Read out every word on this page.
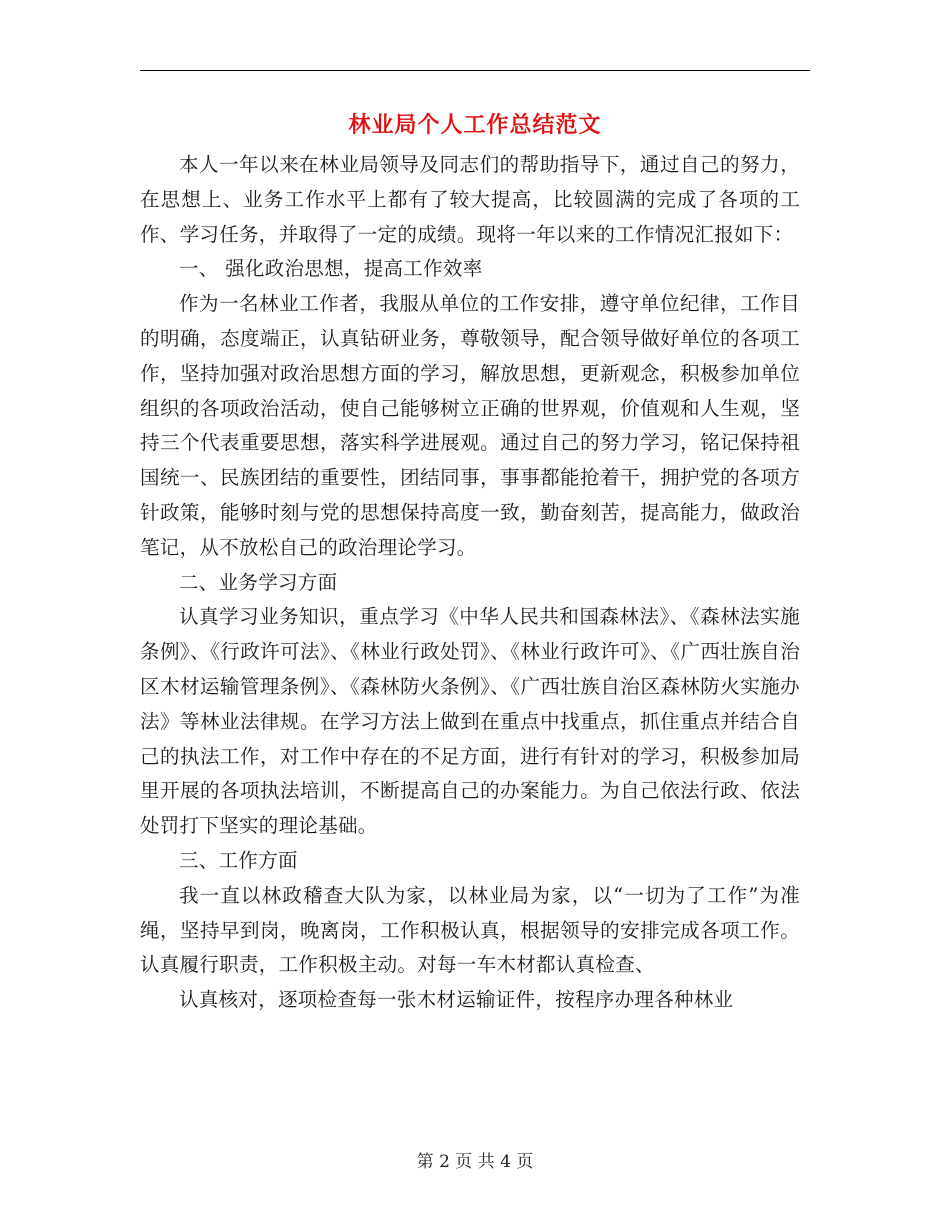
林业局个人工作总结范文

本人一年以来在林业局领导及同志们的帮助指导下，通过自己的努力，在思想上、业务工作水平上都有了较大提高，比较圆满的完成了各项的工作、学习任务，并取得了一定的成绩。现将一年以来的工作情况汇报如下：

一、 强化政治思想，提高工作效率

作为一名林业工作者，我服从单位的工作安排，遵守单位纪律，工作目的明确，态度端正，认真钻研业务，尊敬领导，配合领导做好单位的各项工作，坚持加强对政治思想方面的学习，解放思想，更新观念，积极参加单位组织的各项政治活动，使自己能够树立正确的世界观，价值观和人生观，坚持三个代表重要思想，落实科学进展观。通过自己的努力学习，铭记保持祖国统一、民族团结的重要性，团结同事，事事都能抢着干，拥护党的各项方针政策，能够时刻与党的思想保持高度一致，勤奋刻苦，提高能力，做政治笔记，从不放松自己的政治理论学习。

二、业务学习方面

认真学习业务知识，重点学习《中华人民共和国森林法》、《森林法实施条例》、《行政许可法》、《林业行政处罚》、《林业行政许可》、《广西壮族自治区木材运输管理条例》、《森林防火条例》、《广西壮族自治区森林防火实施办法》等林业法律规。在学习方法上做到在重点中找重点，抓住重点并结合自己的执法工作，对工作中存在的不足方面，进行有针对的学习，积极参加局里开展的各项执法培训，不断提高自己的办案能力。为自己依法行政、依法处罚打下坚实的理论基础。

三、工作方面

我一直以林政稽查大队为家，以林业局为家，以“一切为了工作”为准绳，坚持早到岗，晚离岗，工作积极认真，根据领导的安排完成各项工作。认真履行职责，工作积极主动。对每一车木材都认真检查、

认真核对，逐项检查每一张木材运输证件，按程序办理各种林业

第 2 页 共 4 页
